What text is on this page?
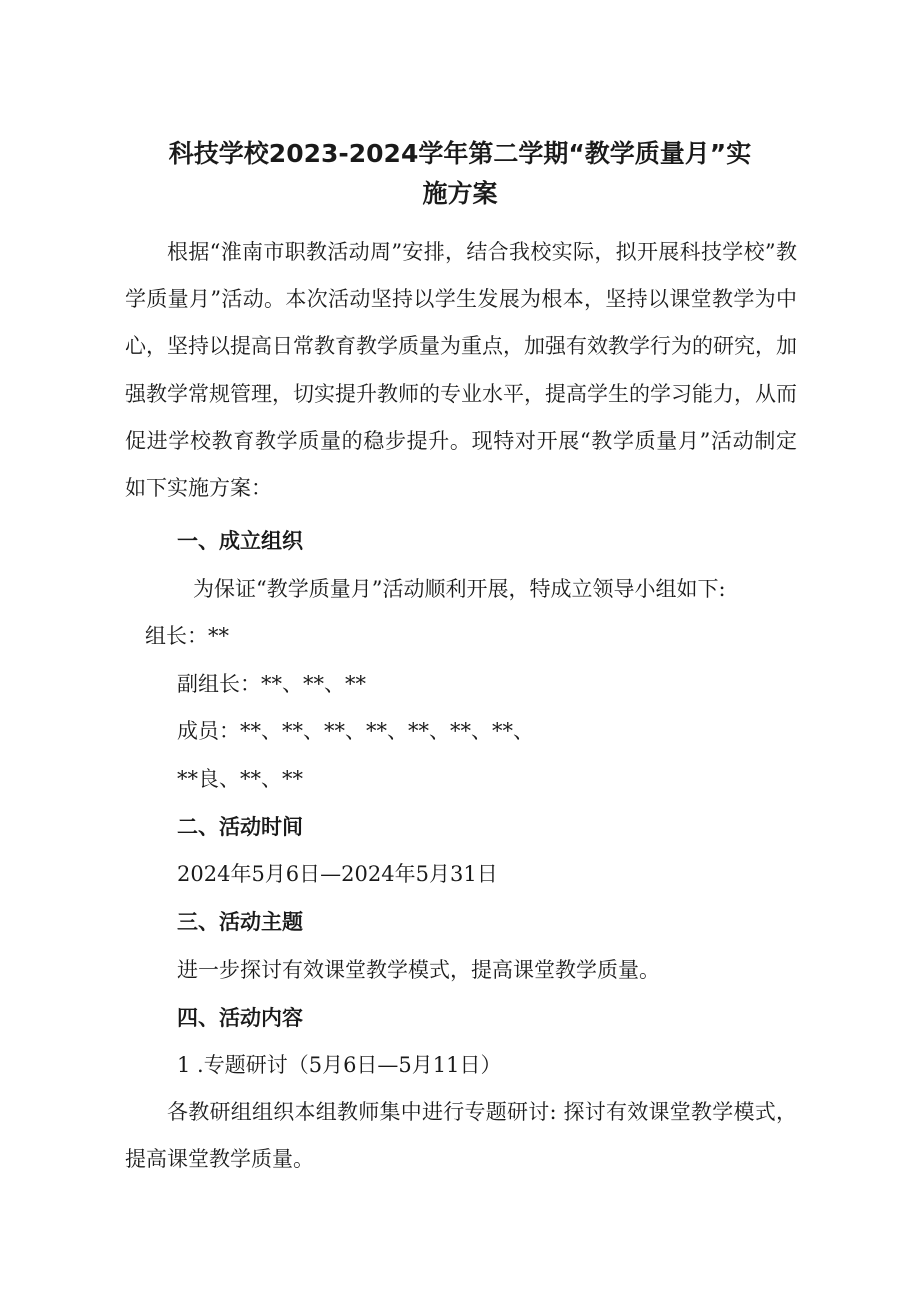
科技学校2023-2024学年第二学期“教学质量月”实
施方案

根据“淮南市职教活动周”安排，结合我校实际，拟开展科技学校”教学质量月”活动。本次活动坚持以学生发展为根本，坚持以课堂教学为中心，坚持以提高日常教育教学质量为重点，加强有效教学行为的研究，加强教学常规管理，切实提升教师的专业水平，提高学生的学习能力，从而促进学校教育教学质量的稳步提升。现特对开展“教学质量月”活动制定如下实施方案：

一、成立组织
为保证“教学质量月”活动顺利开展，特成立领导小组如下:
组长：**
副组长：**、**、**
成员：**、**、**、**、**、**、**、
**良、**、**
二、活动时间
2024年5月6日—2024年5月31日
三、活动主题
进一步探讨有效课堂教学模式，提高课堂教学质量。
四、活动内容
1 .专题研讨（5月6日—5月11日）

各教研组组织本组教师集中进行专题研讨: 探讨有效课堂教学模式，提高课堂教学质量。
